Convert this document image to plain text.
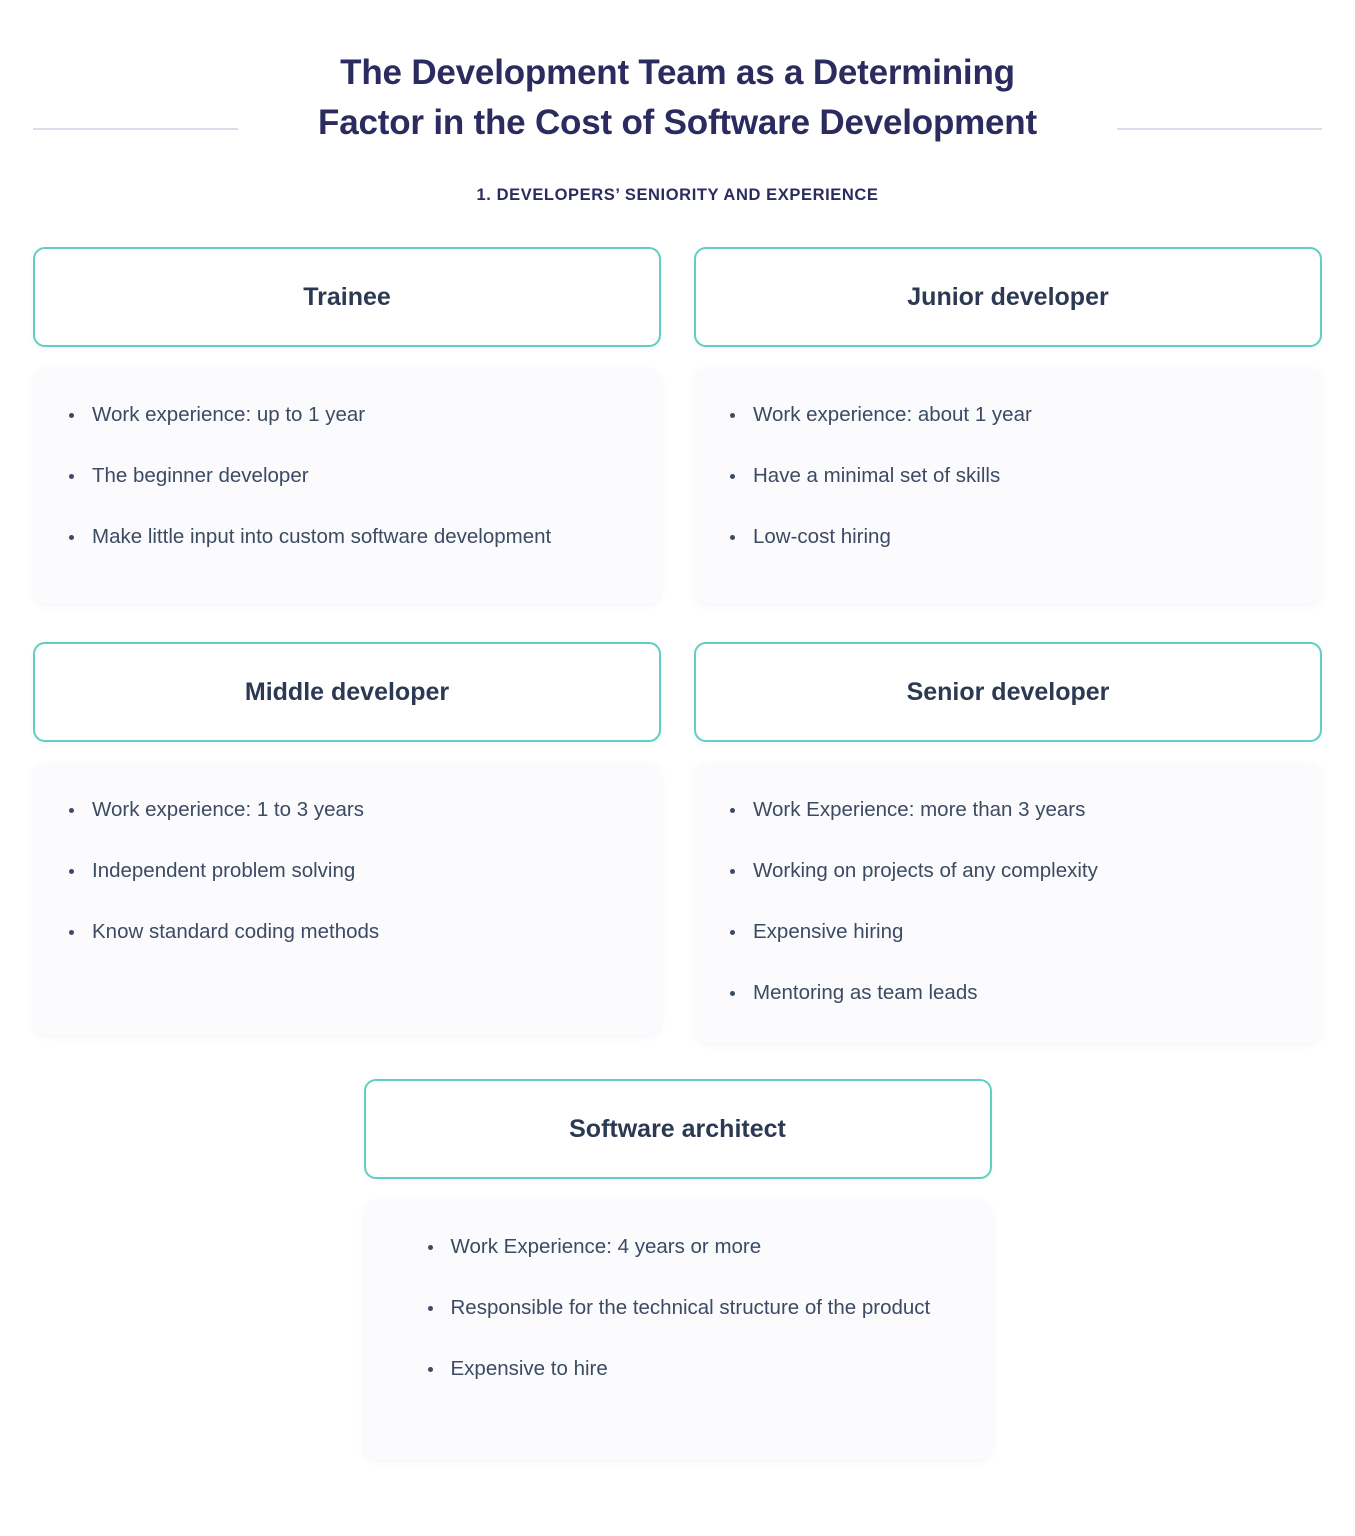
The Development Team as a Determining Factor in the Cost of Software Development
1. DEVELOPERS’ SENIORITY AND EXPERIENCE
Trainee
Work experience: up to 1 year
The beginner developer
Make little input into custom software development
Junior developer
Work experience: about 1 year
Have a minimal set of skills
Low-cost hiring
Middle developer
Work experience: 1 to 3 years
Independent problem solving
Know standard coding methods
Senior developer
Work Experience: more than 3 years
Working on projects of any complexity
Expensive hiring
Mentoring as team leads
Software architect
Work Experience: 4 years or more
Responsible for the technical structure of the product
Expensive to hire
